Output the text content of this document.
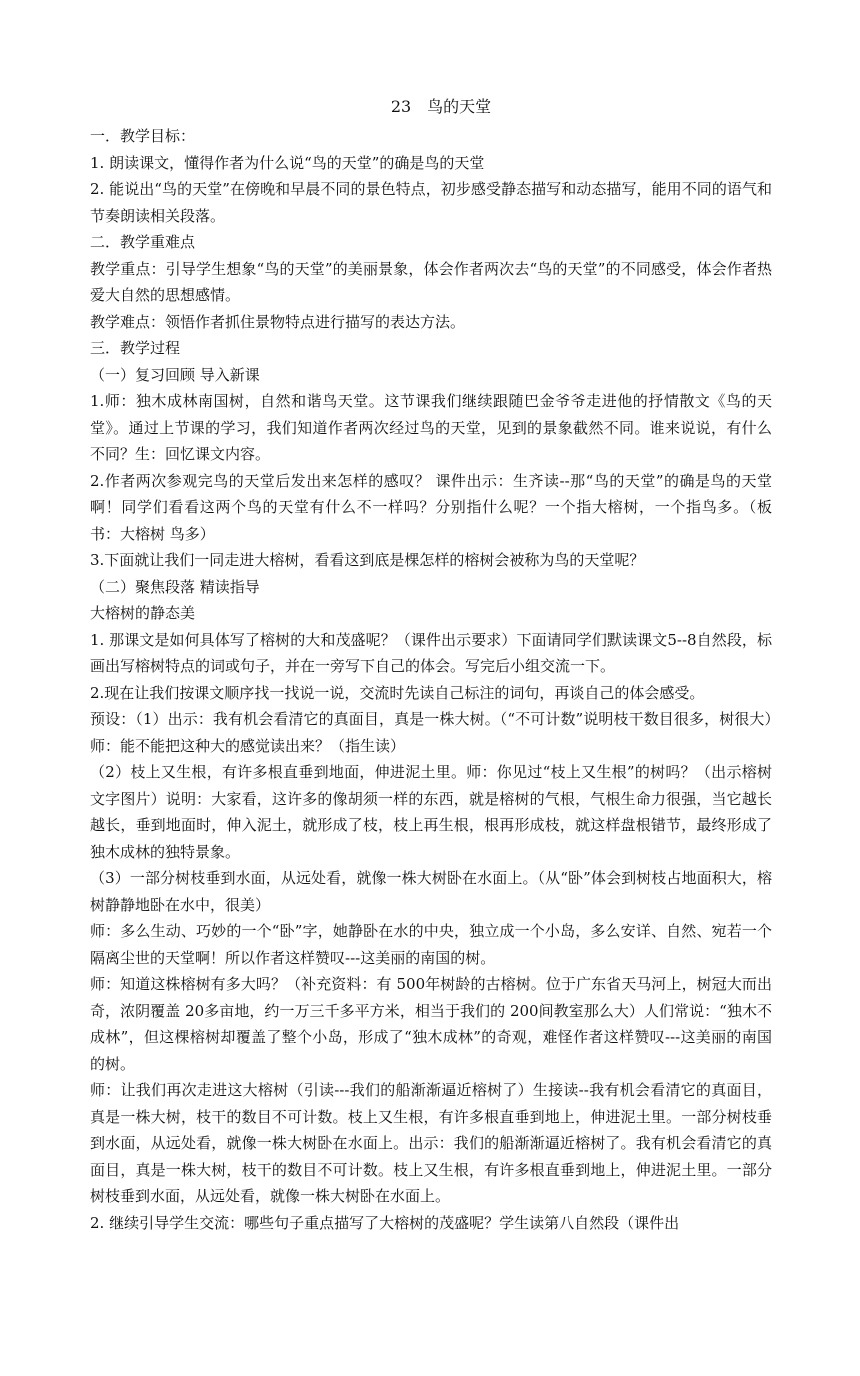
23　鸟的天堂

一．教学目标：

1. 朗读课文，懂得作者为什么说“鸟的天堂”的确是鸟的天堂

2. 能说出“鸟的天堂”在傍晚和早晨不同的景色特点，初步感受静态描写和动态描写，能用不同的语气和节奏朗读相关段落。

二．教学重难点

教学重点：引导学生想象“鸟的天堂”的美丽景象，体会作者两次去“鸟的天堂”的不同感受，体会作者热爱大自然的思想感情。

教学难点：领悟作者抓住景物特点进行描写的表达方法。

三．教学过程

（一）复习回顾 导入新课

1.师：独木成林南国树，自然和谐鸟天堂。这节课我们继续跟随巴金爷爷走进他的抒情散文《鸟的天堂》。通过上节课的学习，我们知道作者两次经过鸟的天堂，见到的景象截然不同。谁来说说，有什么不同？生：回忆课文内容。

2.作者两次参观完鸟的天堂后发出来怎样的感叹？ 课件出示：生齐读--那“鸟的天堂”的确是鸟的天堂啊！同学们看看这两个鸟的天堂有什么不一样吗？分别指什么呢？一个指大榕树，一个指鸟多。（板书：大榕树 鸟多）

3.下面就让我们一同走进大榕树，看看这到底是棵怎样的榕树会被称为鸟的天堂呢？

（二）聚焦段落 精读指导

大榕树的静态美

1. 那课文是如何具体写了榕树的大和茂盛呢？（课件出示要求）下面请同学们默读课文5--8自然段，标画出写榕树特点的词或句子，并在一旁写下自己的体会。写完后小组交流一下。

2.现在让我们按课文顺序找一找说一说，交流时先读自己标注的词句，再谈自己的体会感受。

预设：（1）出示：我有机会看清它的真面目，真是一株大树。（“不可计数”说明枝干数目很多，树很大）师：能不能把这种大的感觉读出来？（指生读）

（2）枝上又生根，有许多根直垂到地面，伸进泥土里。师：你见过“枝上又生根”的树吗？（出示榕树文字图片）说明：大家看，这许多的像胡须一样的东西，就是榕树的气根，气根生命力很强，当它越长越长，垂到地面时，伸入泥土，就形成了枝，枝上再生根，根再形成枝，就这样盘根错节，最终形成了独木成林的独特景象。

（3）一部分树枝垂到水面，从远处看，就像一株大树卧在水面上。（从“卧”体会到树枝占地面积大，榕树静静地卧在水中，很美）

师：多么生动、巧妙的一个“卧”字，她静卧在水的中央，独立成一个小岛，多么安详、自然、宛若一个隔离尘世的天堂啊！所以作者这样赞叹---这美丽的南国的树。

师：知道这株榕树有多大吗？（补充资料：有 500年树龄的古榕树。位于广东省天马河上，树冠大而出奇，浓阴覆盖 20多亩地，约一万三千多平方米，相当于我们的 200间教室那么大）人们常说：“独木不成林”，但这棵榕树却覆盖了整个小岛，形成了“独木成林”的奇观，难怪作者这样赞叹---这美丽的南国的树。

师：让我们再次走进这大榕树（引读---我们的船渐渐逼近榕树了）生接读--我有机会看清它的真面目，真是一株大树，枝干的数目不可计数。枝上又生根，有许多根直垂到地上，伸进泥土里。一部分树枝垂到水面，从远处看，就像一株大树卧在水面上。出示：我们的船渐渐逼近榕树了。我有机会看清它的真面目，真是一株大树，枝干的数目不可计数。枝上又生根，有许多根直垂到地上，伸进泥土里。一部分树枝垂到水面，从远处看，就像一株大树卧在水面上。

2. 继续引导学生交流：哪些句子重点描写了大榕树的茂盛呢？学生读第八自然段（课件出
